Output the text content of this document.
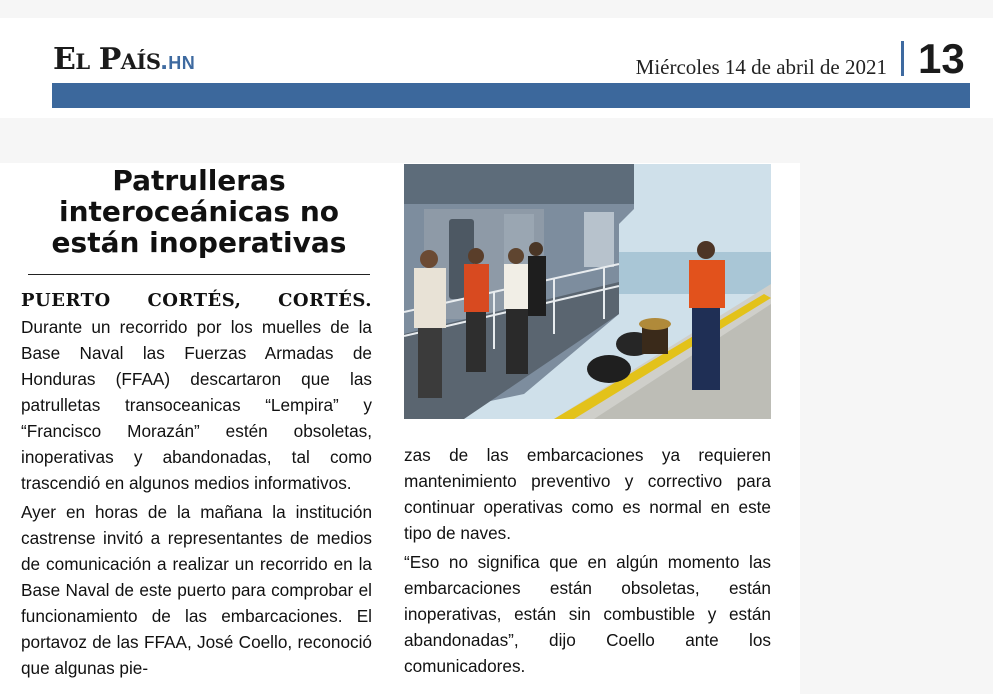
El País.hn	Miércoles 14 de abril de 2021 13
Patrulleras
interoceánicas no
están inoperativas

PUERTO CORTÉS, CORTÉS. Durante un recorrido por los muelles de la Base Naval las Fuerzas Armadas de Honduras (FFAA) descartaron que las patrulletas transoceanicas “Lempira” y “Francisco Morazán” estén obsoletas, inoperativas y abandonadas, tal como trascendió en algunos medios informativos.

Ayer en horas de la mañana la institución castrense invitó a representantes de medios de comunicación a realizar un recorrido en la Base Naval de este puerto para comprobar el funcionamiento de las embarcaciones. El portavoz de las FFAA, José Coello, reconoció que algunas pie-

zas de las embarcaciones ya requieren mantenimiento preventivo y correctivo para continuar operativas como es normal en este tipo de naves.

“Eso no significa que en algún momento las embarcaciones están obsoletas, están inoperativas, están sin combustible y están abandonadas”, dijo Coello ante los comunicadores.
